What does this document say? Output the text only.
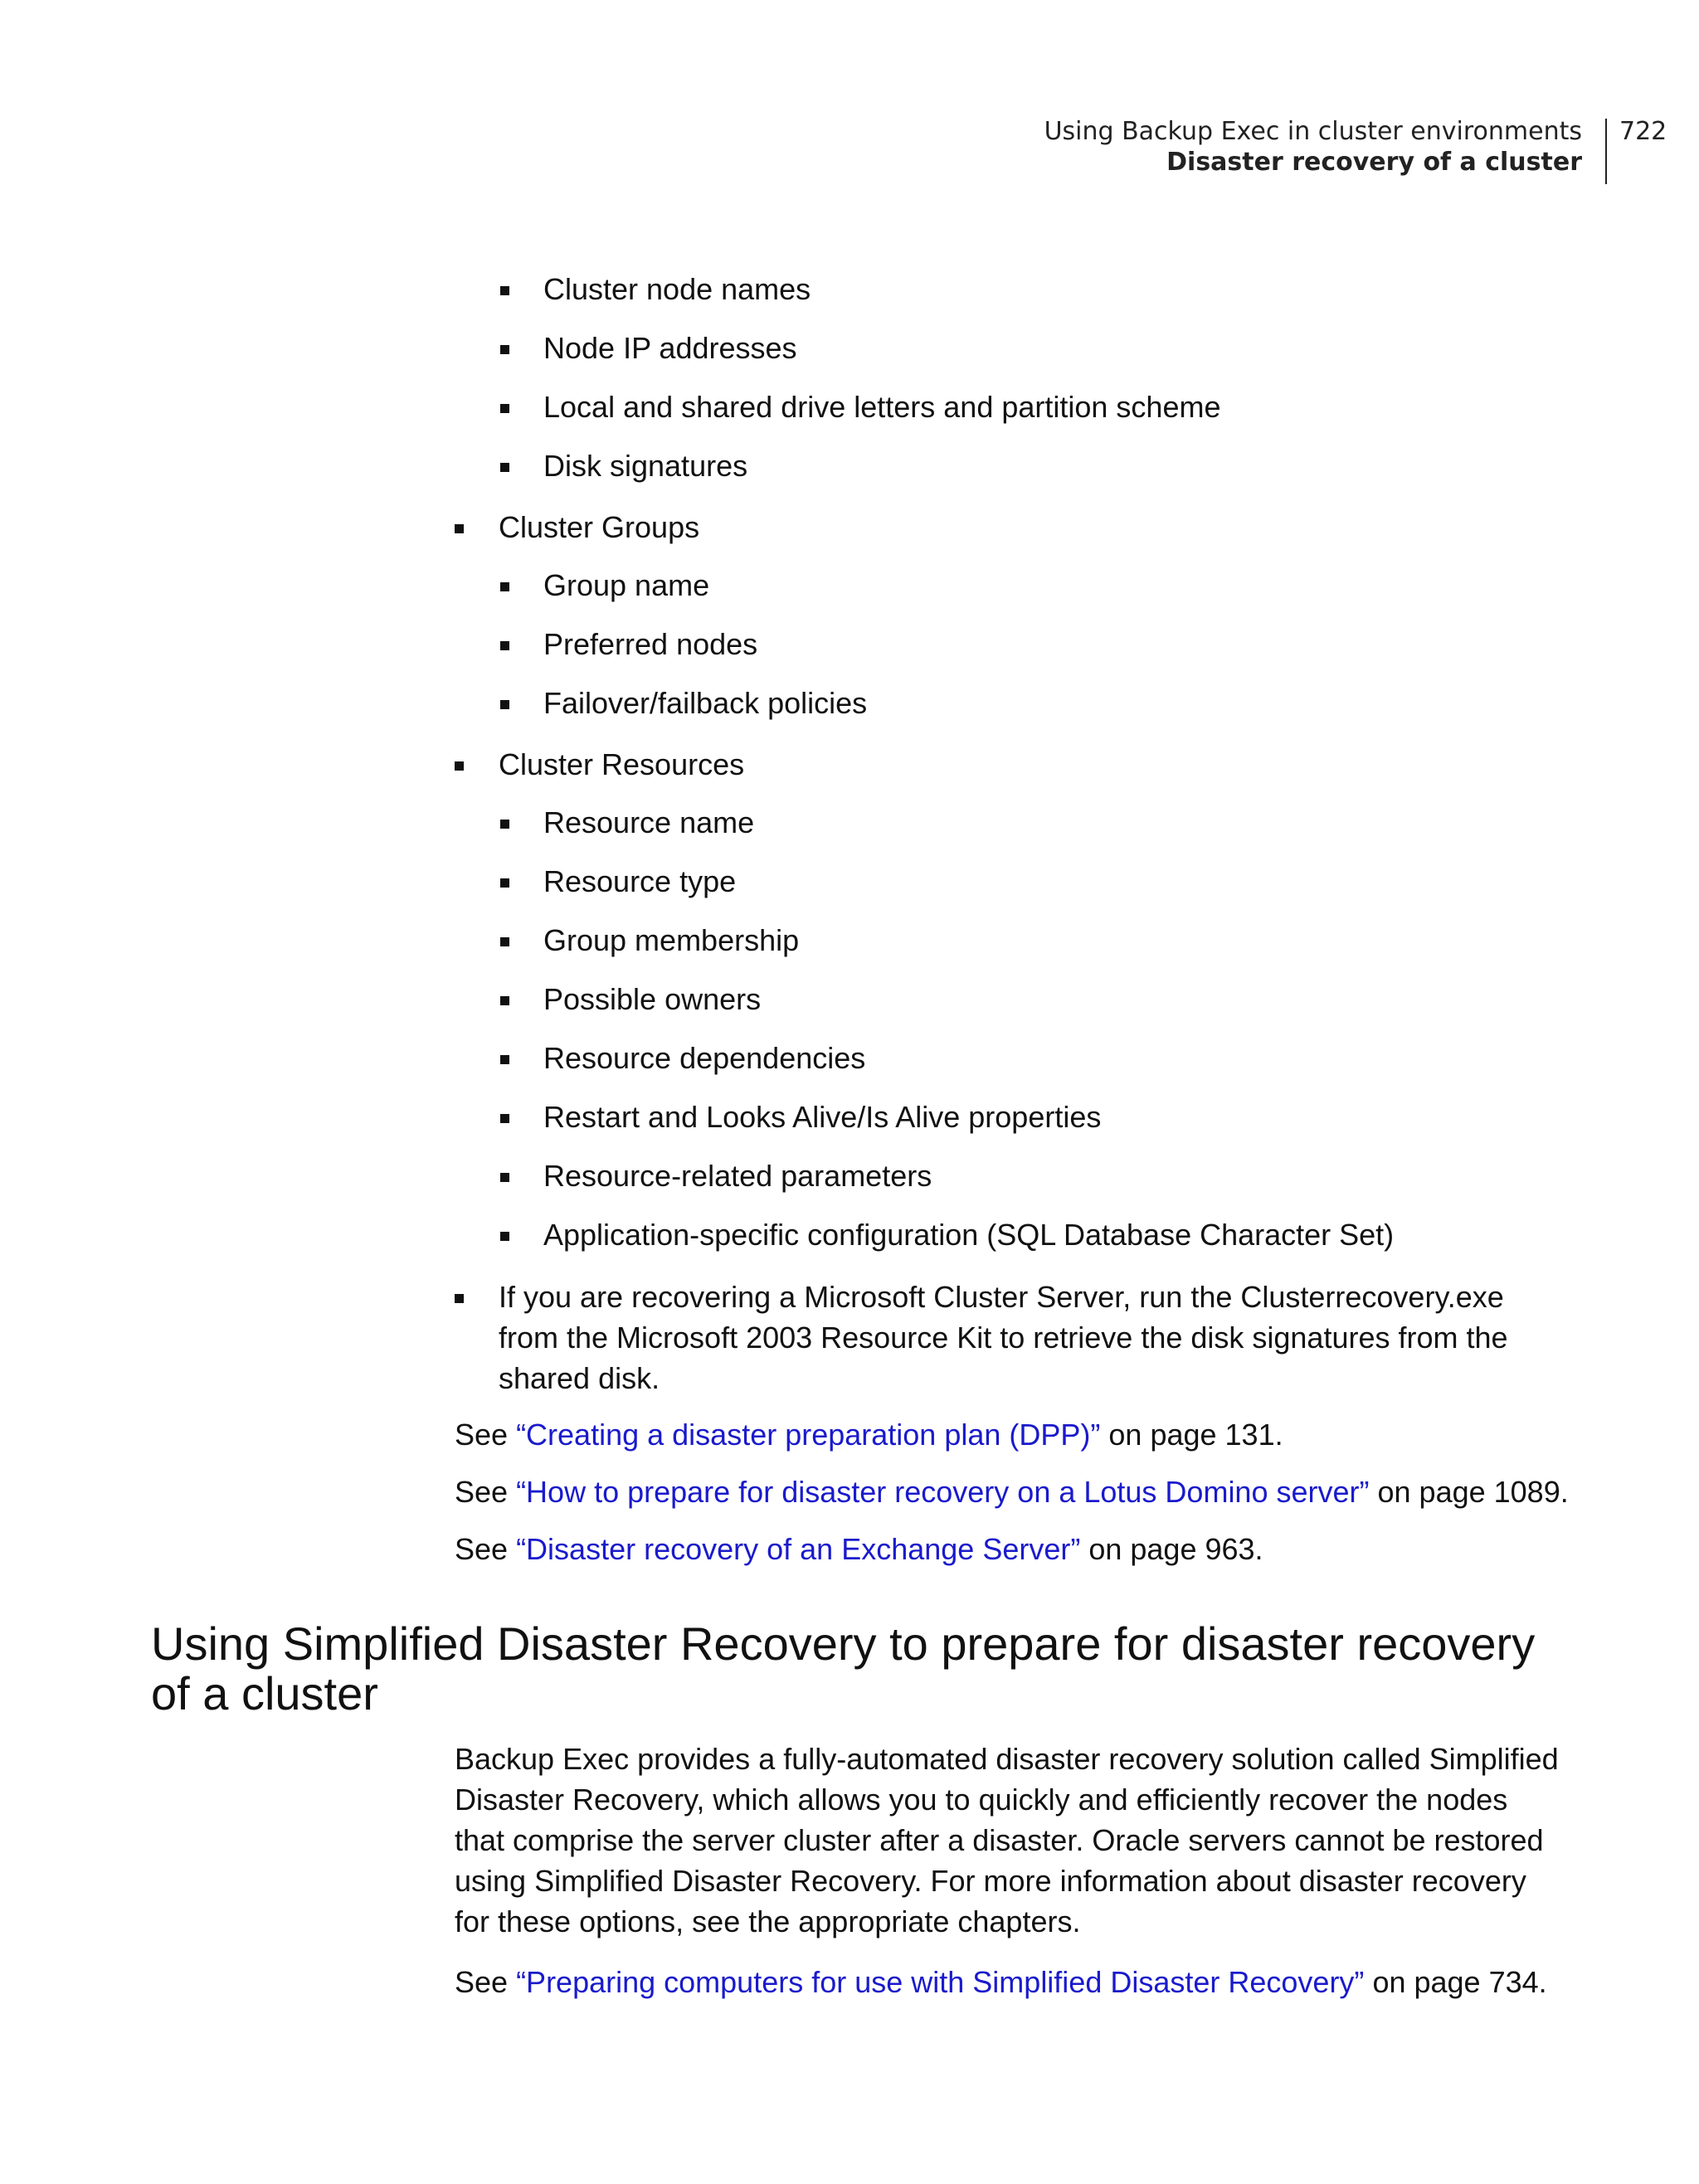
Using Backup Exec in cluster environments
Disaster recovery of a cluster
722
Cluster node names
Node IP addresses
Local and shared drive letters and partition scheme
Disk signatures
Cluster Groups
Group name
Preferred nodes
Failover/failback policies
Cluster Resources
Resource name
Resource type
Group membership
Possible owners
Resource dependencies
Restart and Looks Alive/Is Alive properties
Resource-related parameters
Application-specific configuration (SQL Database Character Set)
If you are recovering a Microsoft Cluster Server, run the Clusterrecovery.exe
from the Microsoft 2003 Resource Kit to retrieve the disk signatures from the
shared disk.
See “Creating a disaster preparation plan (DPP)” on page 131.
See “How to prepare for disaster recovery on a Lotus Domino server” on page 1089.
See “Disaster recovery of an Exchange Server” on page 963.
Using Simplified Disaster Recovery to prepare for disaster recovery
of a cluster
Backup Exec provides a fully-automated disaster recovery solution called Simplified
Disaster Recovery, which allows you to quickly and efficiently recover the nodes
that comprise the server cluster after a disaster. Oracle servers cannot be restored
using Simplified Disaster Recovery. For more information about disaster recovery
for these options, see the appropriate chapters.
See “Preparing computers for use with Simplified Disaster Recovery” on page 734.
